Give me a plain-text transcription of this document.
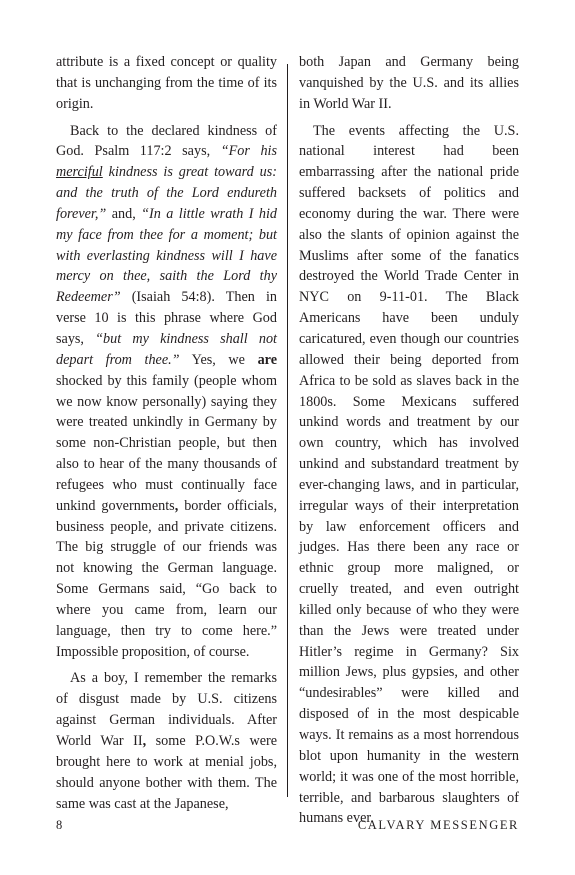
attribute is a fixed concept or quality that is unchanging from the time of its origin.

Back to the declared kindness of God. Psalm 117:2 says, “For his merciful kindness is great toward us: and the truth of the Lord endureth forever,” and, “In a little wrath I hid my face from thee for a moment; but with everlasting kindness will I have mercy on thee, saith the Lord thy Redeemer” (Isaiah 54:8). Then in verse 10 is this phrase where God says, “but my kindness shall not depart from thee.” Yes, we are shocked by this family (people whom we now know personally) saying they were treated unkindly in Germany by some non-Christian people, but then also to hear of the many thousands of refugees who must continually face unkind governments, border officials, business people, and private citizens. The big struggle of our friends was not knowing the German language. Some Germans said, “Go back to where you came from, learn our language, then try to come here.” Impossible proposition, of course.

As a boy, I remember the remarks of disgust made by U.S. citizens against German individuals. After World War II, some P.O.W.s were brought here to work at menial jobs, should anyone bother with them. The same was cast at the Japanese,

both Japan and Germany being vanquished by the U.S. and its allies in World War II.

The events affecting the U.S. national interest had been embarrassing after the national pride suffered backsets of politics and economy during the war. There were also the slants of opinion against the Muslims after some of the fanatics destroyed the World Trade Center in NYC on 9-11-01. The Black Americans have been unduly caricatured, even though our countries allowed their being deported from Africa to be sold as slaves back in the 1800s. Some Mexicans suffered unkind words and treatment by our own country, which has involved unkind and substandard treatment by ever-changing laws, and in particular, irregular ways of their interpretation by law enforcement officers and judges. Has there been any race or ethnic group more maligned, or cruelly treated, and even outright killed only because of who they were than the Jews were treated under Hitler’s regime in Germany? Six million Jews, plus gypsies, and other “undesirables” were killed and disposed of in the most despicable ways. It remains as a most horrendous blot upon humanity in the western world; it was one of the most horrible, terrible, and barbarous slaughters of humans ever.

8	CALVARY MESSENGER
